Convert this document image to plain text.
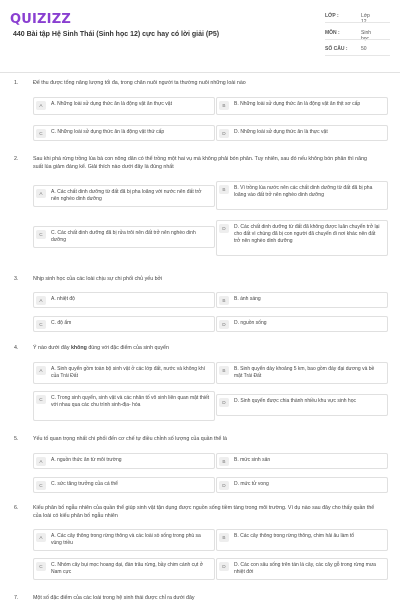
QUIZIZZ
440 Bài tập Hệ Sinh Thái (Sinh học 12) cực hay có lời giải (P5)
LỚP :	Lớp
MÔN :	Sinh
SỐ CÂU :	50
1.	Để thu được tổng năng lượng tối đa, trong chăn nuôi người ta thường nuôi những loài nào
A	A. Những loài sử dụng thức ăn là động vật ăn thực vật	B	B. Những loài sử dụng thức ăn là động vật ăn thịt sơ cấp
C	C. Những loài sử dụng thức ăn là động vật thứ cấp	D	D. Những loài sử dụng thức ăn là thực vật
2.	Sau khi phá rừng trồng lúa bà con nông dân có thể trồng một hai vụ mà không phải bón phân. Tuy nhiên, sau đó nếu không bón phân thì năng suất lúa giảm đáng kể. Giải thích nào dưới đây là đúng nhất
A	A. Các chất dinh dưỡng từ đất đã bị pha loãng với nước nên đất trở nên nghèo dinh dưỡng
B	B. Vì trồng lúa nước nên các chất dinh dưỡng từ đất đã bị pha loãng vào đất trở nên nghèo dinh dưỡng
C	C. Các chất dinh dưỡng đã bị rửa trôi nên đất trở nên nghèo dinh dưỡng
D	D. Các chất dinh dưỡng từ đất đã không được luân chuyển trở lại cho đất vì chúng đã bị con người đã chuyển đi nơi khác nên đất trở nên nghèo dinh dưỡng
3.	Nhịp sinh học của các loài chịu sự chi phối chủ yếu bởi
A	A. nhiệt độ	B	B. ánh sáng
C	C. độ ẩm	D	D. nguồn sống
4.	Ý nào dưới đây không đúng với đặc điểm của sinh quyển
A	A. Sinh quyển gồm toàn bộ sinh vật ở các lớp đất, nước và không khí của Trái Đất
B	B. Sinh quyển dày khoảng 5 km, bao gồm đáy đại dương và bề mặt Trái Đất
C	C. Trong sinh quyển, sinh vật và các nhân tố vô sinh liên quan mật thiết với nhau qua các chu trình sinh-địa- hóa	D	D. Sinh quyển được chia thành nhiều khu vực sinh học
5.	Yếu tố quan trọng nhất chi phối đến cơ chế tự điều chỉnh số lượng của quần thể là
A	A. nguồn thức ăn từ môi trường	B	B. mức sinh sản
C	C. sức tăng trưởng của cá thể	D	D. mức tử vong
6.	Kiểu phân bố ngẫu nhiên của quần thể giúp sinh vật tận dụng được nguồn sống tiềm tàng trong môi trường. Ví dụ nào sau đây cho thấy quần thể của loài có kiểu phân bố ngẫu nhiên
A	A. Các cây thông trong rừng thông và các loài sò sống trong phù sa vùng triều
B	B. Các cây thông trong rừng thông, chim hải âu làm tổ
C	C. Nhóm cây bụi mọc hoang dại, đàn trâu rừng, bầy chim cánh cụt ở Nam cực
D	D. Các con sâu sống trên tán lá cây, các cây gỗ trong rừng mưa nhiệt đới
7.	Một số đặc điểm của các loài trong hệ sinh thái được chỉ ra dưới đây
